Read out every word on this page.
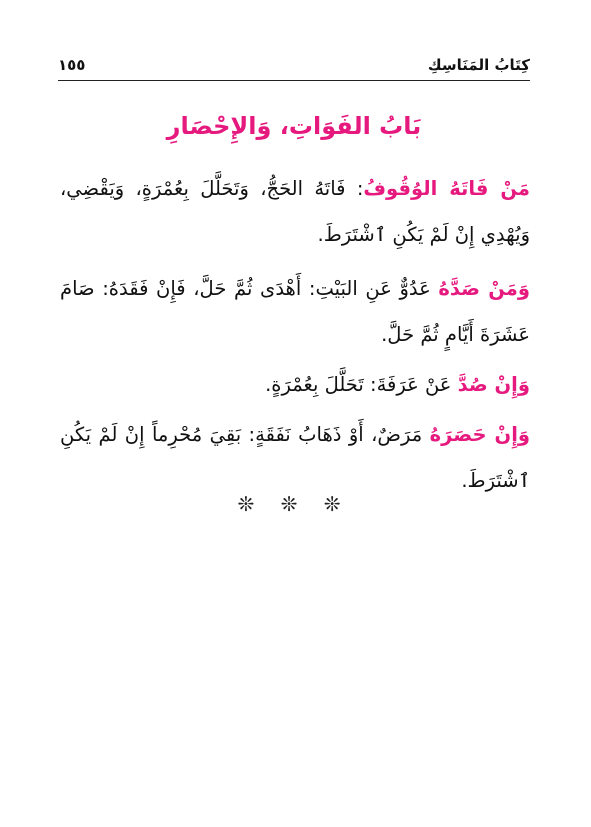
كِتَابُ المَنَاسِكِ
١٥٥
بَابُ الفَوَاتِ، وَالإِحْصَارِ

مَنْ فَاتَهُ الوُقُوفُ: فَاتَهُ الحَجُّ، وَتَحَلَّلَ بِعُمْرَةٍ، وَيَقْضِي، وَيُهْدِي إِنْ لَمْ يَكُنِ ٱشْتَرَطَ.

وَمَنْ صَدَّهُ عَدُوٌّ عَنِ البَيْتِ: أَهْدَى ثُمَّ حَلَّ، فَإِنْ فَقَدَهُ: صَامَ عَشَرَةَ أَيَّامٍ ثُمَّ حَلَّ.

وَإِنْ صُدَّ عَنْ عَرَفَةَ: تَحَلَّلَ بِعُمْرَةٍ.

وَإِنْ حَصَرَهُ مَرَضٌ، أَوْ ذَهَابُ نَفَقَةٍ: بَقِيَ مُحْرِماً إِنْ لَمْ يَكُنِ ٱشْتَرَطَ.

❊ ❊ ❊
